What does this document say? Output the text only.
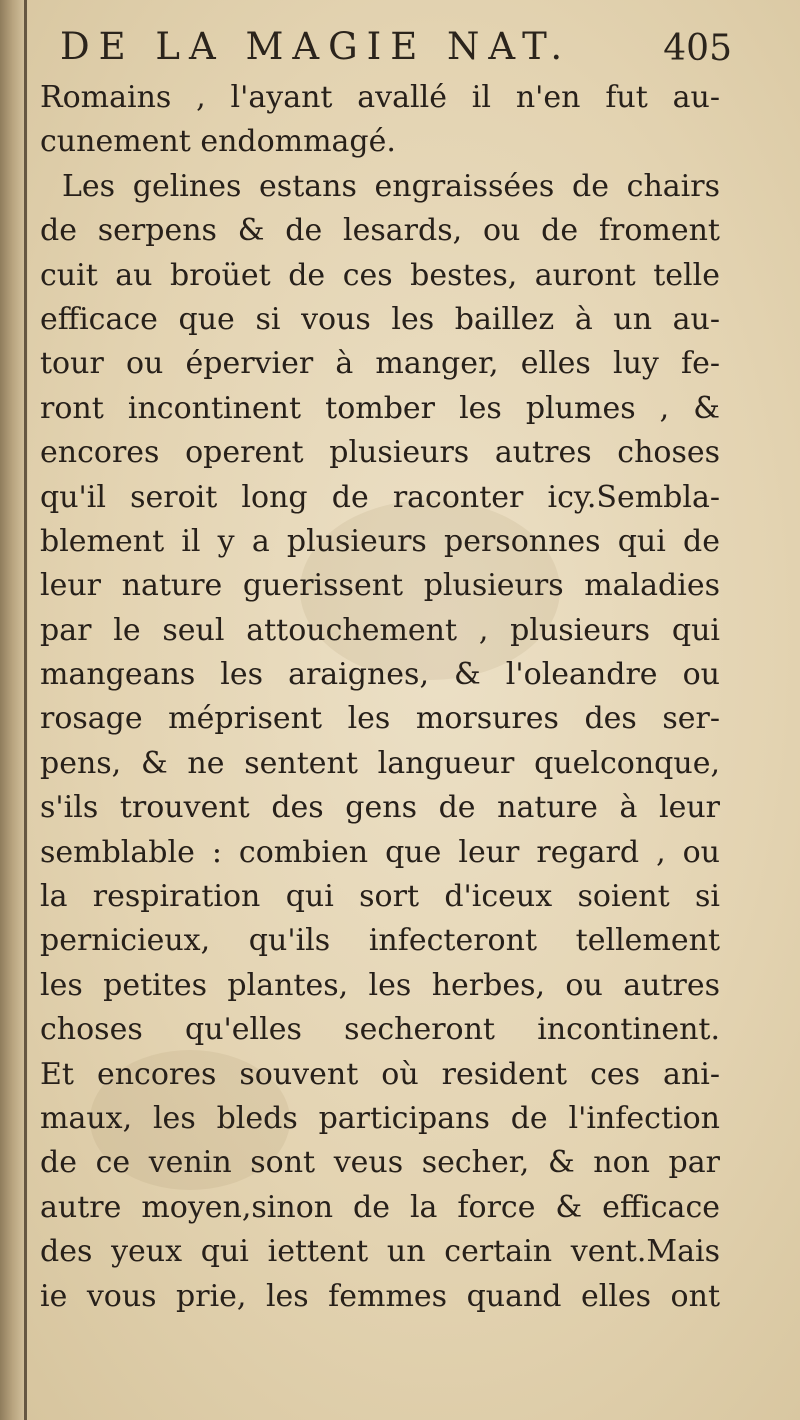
DE LA MAGIE NAT.	405
Romains , l'ayant avallé il n'en fut au-
cunement endommagé.
Les gelines estans engraissées de chairs
de serpens & de lesards, ou de froment
cuit au broüet de ces bestes, auront telle
efficace que si vous les baillez à un au-
tour ou épervier à manger, elles luy fe-
ront incontinent tomber les plumes , &
encores operent plusieurs autres choses
qu'il seroit long de raconter icy.Sembla-
blement il y a plusieurs personnes qui de
leur nature guerissent plusieurs maladies
par le seul attouchement , plusieurs qui
mangeans les araignes, & l'oleandre ou
rosage méprisent les morsures des ser-
pens, & ne sentent langueur quelconque,
s'ils trouvent des gens de nature à leur
semblable : combien que leur regard , ou
la respiration qui sort d'iceux soient si
pernicieux, qu'ils infecteront tellement
les petites plantes, les herbes, ou autres
choses qu'elles secheront incontinent.
Et encores souvent où resident ces ani-
maux, les bleds participans de l'infection
de ce venin sont veus secher, & non par
autre moyen,sinon de la force & efficace
des yeux qui iettent un certain vent.Mais
ie vous prie, les femmes quand elles ont
